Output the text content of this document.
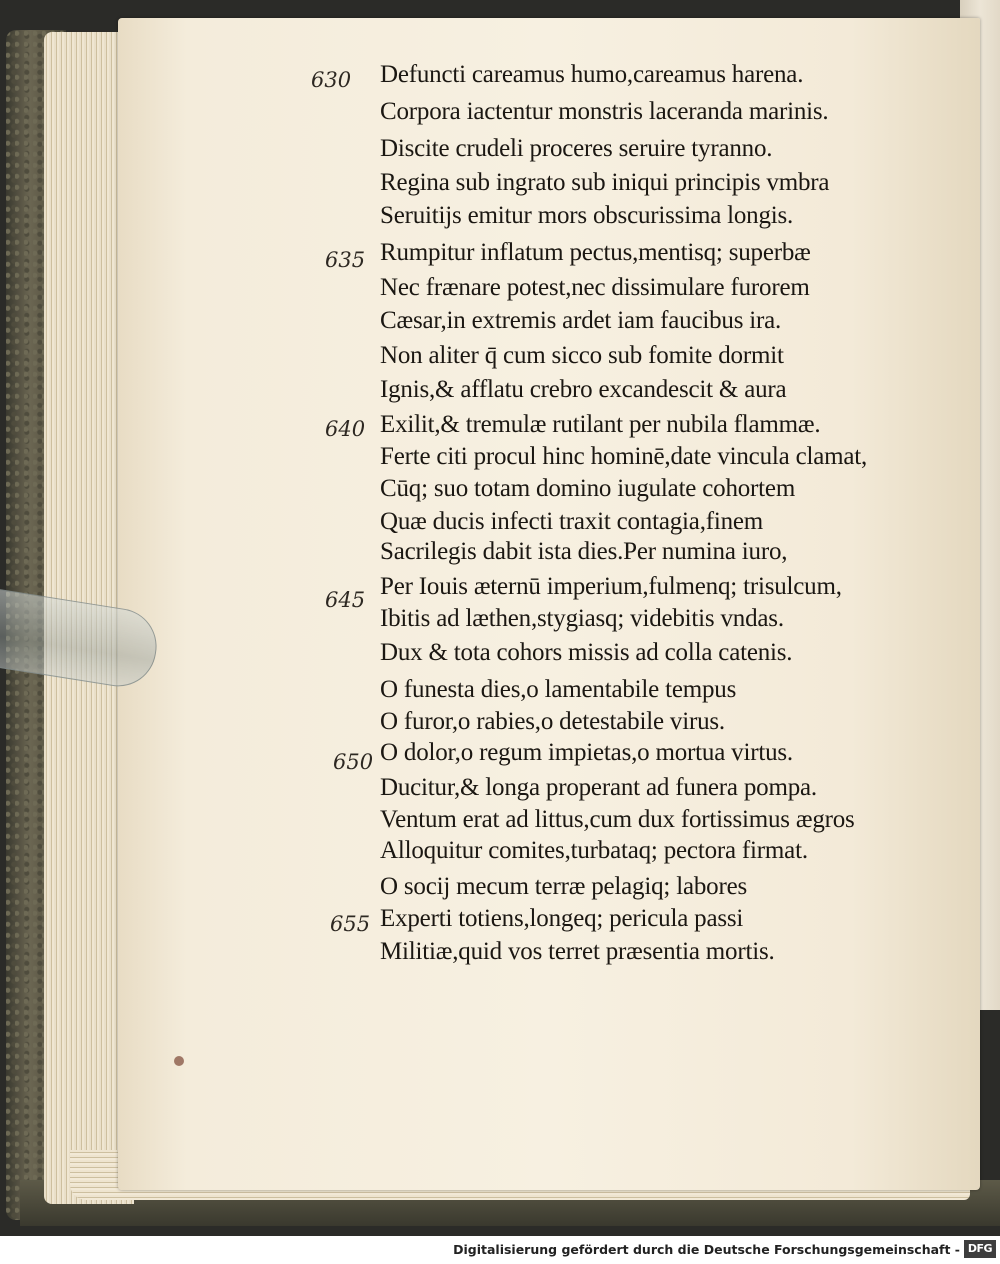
630
635
640
645
650
655
Defuncti careamus humo,careamus harena.
Corpora iactentur monstris laceranda marinis.
Discite crudeli proceres seruire tyranno.
Regina sub ingrato sub iniqui principis vmbra
Seruitijs emitur mors obscurissima longis.
Rumpitur inflatum pectus,mentisq; superbæ
Nec frænare potest,nec dissimulare furorem
Cæsar,in extremis ardet iam faucibus ira.
Non aliter q̄ cum sicco sub fomite dormit
Ignis,& afflatu crebro excandescit & aura
Exilit,& tremulæ rutilant per nubila flammæ.
Ferte citi procul hinc hominē,date vincula clamat,
Cūq; suo totam domino iugulate cohortem
Quæ ducis infecti traxit contagia,finem
Sacrilegis dabit ista dies.Per numina iuro,
Per Iouis æternū imperium,fulmenq; trisulcum,
Ibitis ad læthen,stygiasq; videbitis vndas.
Dux & tota cohors missis ad colla catenis.
O funesta dies,o lamentabile tempus
O furor,o rabies,o detestabile virus.
O dolor,o regum impietas,o mortua virtus.
Ducitur,& longa properant ad funera pompa.
Ventum erat ad littus,cum dux fortissimus ægros
Alloquitur comites,turbataq; pectora firmat.
O socij mecum terræ pelagiq; labores
Experti totiens,longeq; pericula passi
Militiæ,quid vos terret præsentia mortis.
Digitalisierung gefördert durch die Deutsche Forschungsgemeinschaft - DFG
